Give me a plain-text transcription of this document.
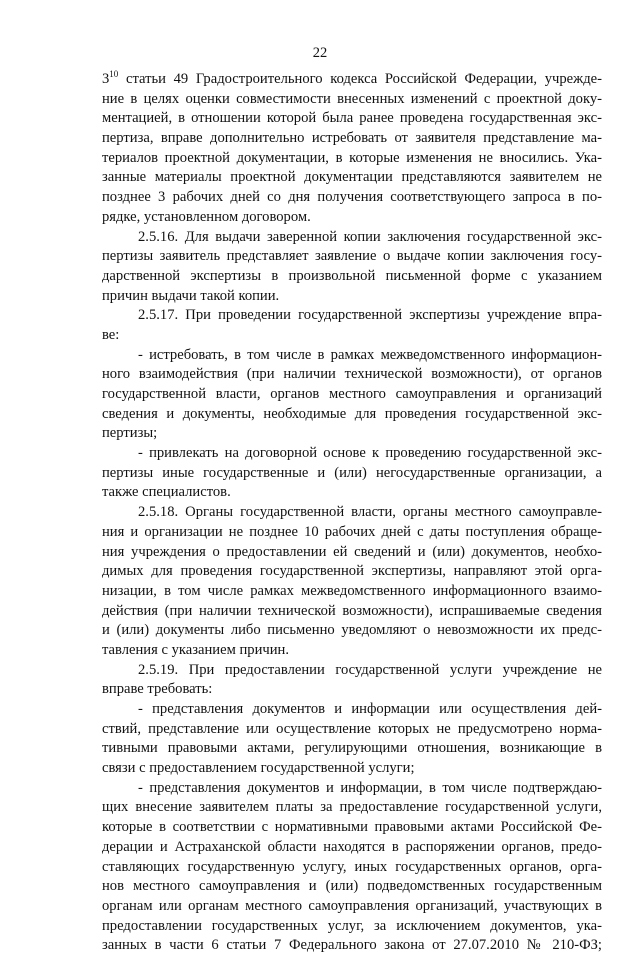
22
$3^{10}$ статьи 49 Градостроительного кодекса Российской Федерации, учрежде-
ние в целях оценки совместимости внесенных изменений с проектной доку-
ментацией, в отношении которой была ранее проведена государственная экс-
пертиза, вправе дополнительно истребовать от заявителя представление ма-
териалов проектной документации, в которые изменения не вносились. Ука-
занные материалы проектной документации представляются заявителем не
позднее 3 рабочих дней со дня получения соответствующего запроса в по-
рядке, установленном договором.
2.5.16. Для выдачи заверенной копии заключения государственной экс-
пертизы заявитель представляет заявление о выдаче копии заключения госу-
дарственной экспертизы в произвольной письменной форме с указанием
причин выдачи такой копии.
2.5.17. При проведении государственной экспертизы учреждение впра-
ве:
- истребовать, в том числе в рамках межведомственного информацион-
ного взаимодействия (при наличии технической возможности), от органов
государственной власти, органов местного самоуправления и организаций
сведения и документы, необходимые для проведения государственной экс-
пертизы;
- привлекать на договорной основе к проведению государственной экс-
пертизы иные государственные и (или) негосударственные организации, а
также специалистов.
2.5.18. Органы государственной власти, органы местного самоуправле-
ния и организации не позднее 10 рабочих дней с даты поступления обраще-
ния учреждения о предоставлении ей сведений и (или) документов, необхо-
димых для проведения государственной экспертизы, направляют этой орга-
низации, в том числе рамках межведомственного информационного взаимо-
действия (при наличии технической возможности), испрашиваемые сведения
и (или) документы либо письменно уведомляют о невозможности их предс-
тавления с указанием причин.
2.5.19. При предоставлении государственной услуги учреждение не
вправе требовать:
- представления документов и информации или осуществления дей-
ствий, представление или осуществление которых не предусмотрено норма-
тивными правовыми актами, регулирующими отношения, возникающие в
связи с предоставлением государственной услуги;
- представления документов и информации, в том числе подтверждаю-
щих внесение заявителем платы за предоставление государственной услуги,
которые в соответствии с нормативными правовыми актами Российской Фе-
дерации и Астраханской области находятся в распоряжении органов, предо-
ставляющих государственную услугу, иных государственных органов, орга-
нов местного самоуправления и (или) подведомственных государственным
органам или органам местного самоуправления организаций, участвующих в
предоставлении государственных услуг, за исключением документов, ука-
занных в части 6 статьи 7 Федерального закона от 27.07.2010 № 210-ФЗ;
